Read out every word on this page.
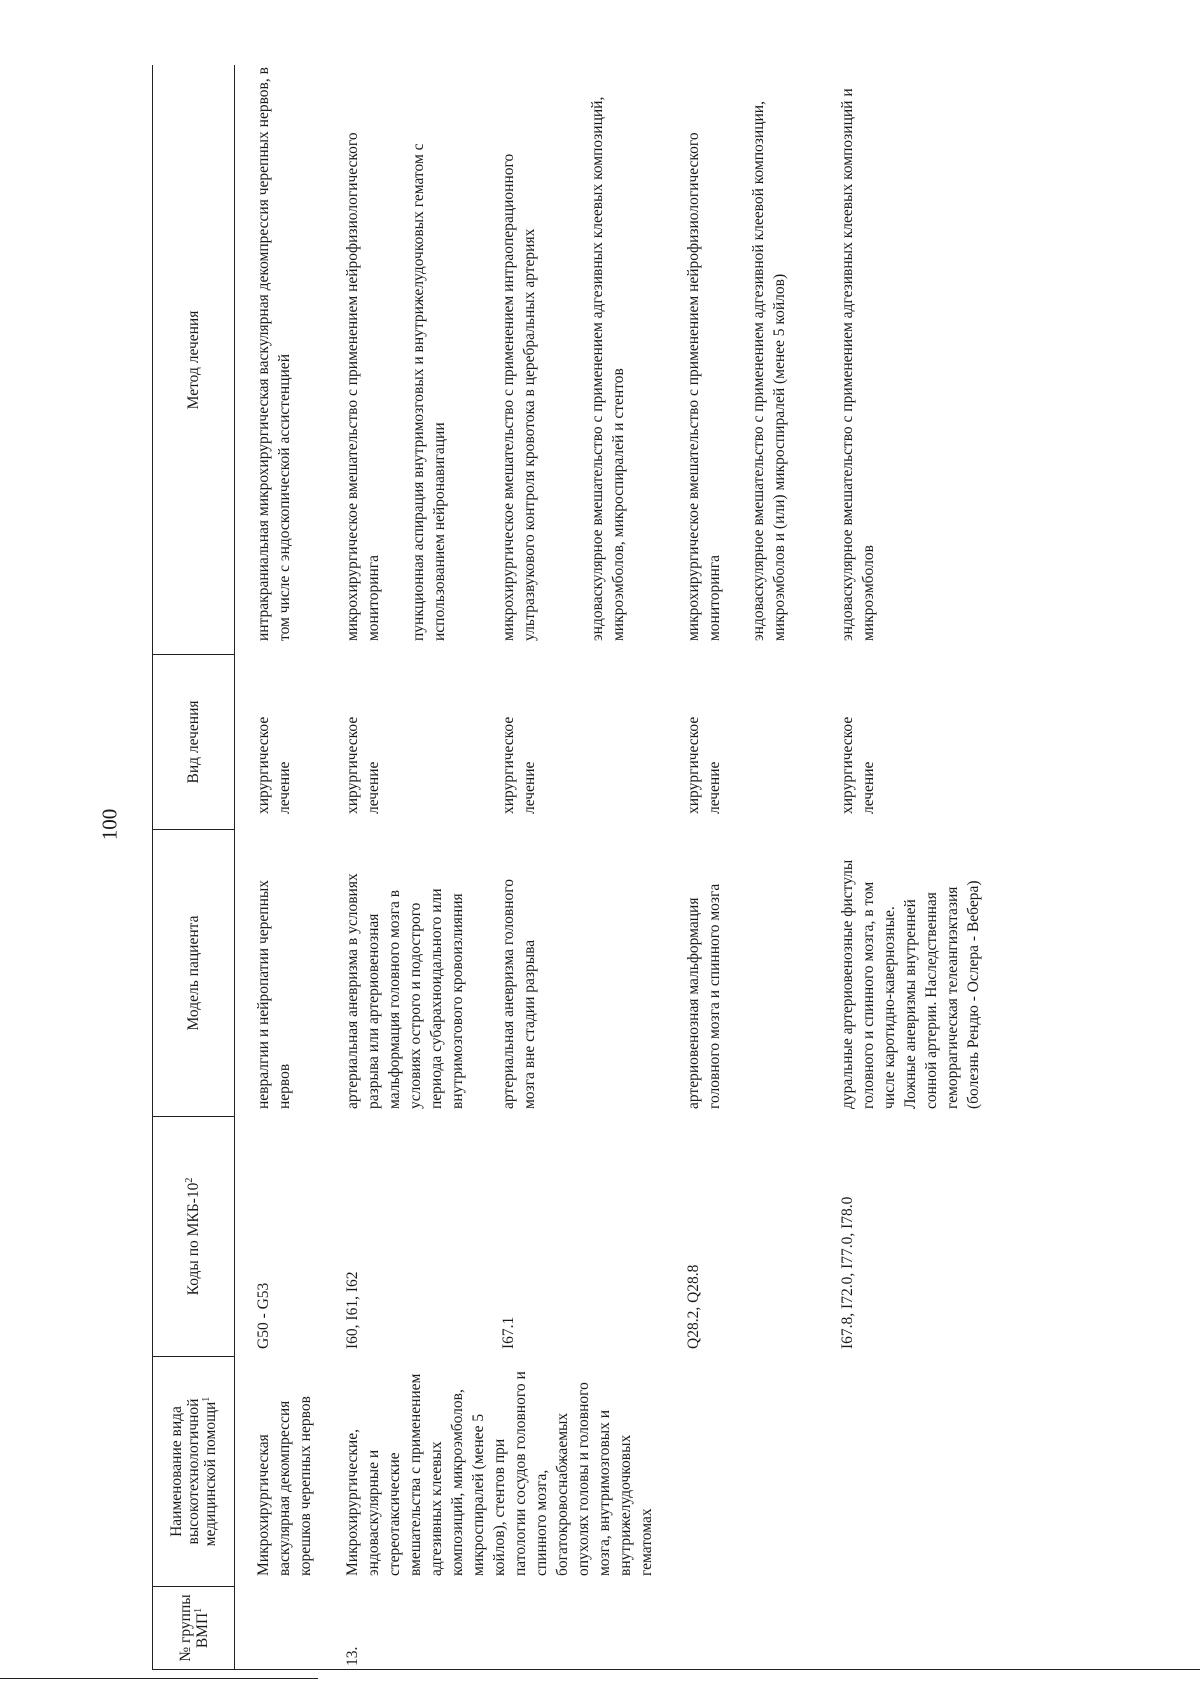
100
№ группы ВМП$^1$
Наименование вида высокотехнологичной медицинской помощи$^1$
Коды по МКБ-$10^2$
Модель пациента
Вид лечения
Метод лечения
Микрохирургическая васкулярная декомпрессия корешков черепных нервов
G50 - G53
невралгии и нейропатии черепных нервов
хирургическое лечение
интракраниальная микрохирургическая васкулярная декомпрессия черепных нервов, в том числе с эндоскопической ассистенцией
13.
Микрохирургические, эндоваскулярные и стереотаксические вмешательства с применением адгезивных клеевых композиций, микроэмболов, микроспиралей (менее 5 койлов), стентов при патологии сосудов головного и спинного мозга, богатокровоснабжаемых опухолях головы и головного мозга, внутримозговых и внутрижелудочковых гематомах
I60, I61, I62
артериальная аневризма в условиях разрыва или артериовенозная мальформация головного мозга в условиях острого и подострого периода субарахноидального или внутримозгового кровоизлияния
хирургическое лечение
микрохирургическое вмешательство с применением нейрофизиологического мониторинга пункционная аспирация внутримозговых и внутрижелудочковых гематом с использованием нейронавигации
I67.1
артериальная аневризма головного мозга вне стадии разрыва
хирургическое лечение
микрохирургическое вмешательство с применением интраоперационного ультразвукового контроля кровотока в церебральных артериях	эндоваскулярное вмешательство с применением адгезивных клеевых композиций, микроэмболов, микроспиралей и стентов
Q28.2, Q28.8
артериовенозная мальформация головного мозга и спинного мозга
хирургическое лечение
микрохирургическое вмешательство с применением нейрофизиологического мониторинга эндоваскулярное вмешательство с применением адгезивной клеевой композиции, микроэмболов и (или) микроспиралей (менее 5 койлов)
I67.8, I72.0, I77.0, I78.0
дуральные артериовенозные фистулы головного и спинного мозга, в том числе каротидно-кавернозные. Ложные аневризмы внутренней сонной артерии. Наследственная геморрагическая телеангиэктазия (болезнь Рендю - Ослера - Вебера)
хирургическое лечение
эндоваскулярное вмешательство с применением адгезивных клеевых композиций и микроэмболов
